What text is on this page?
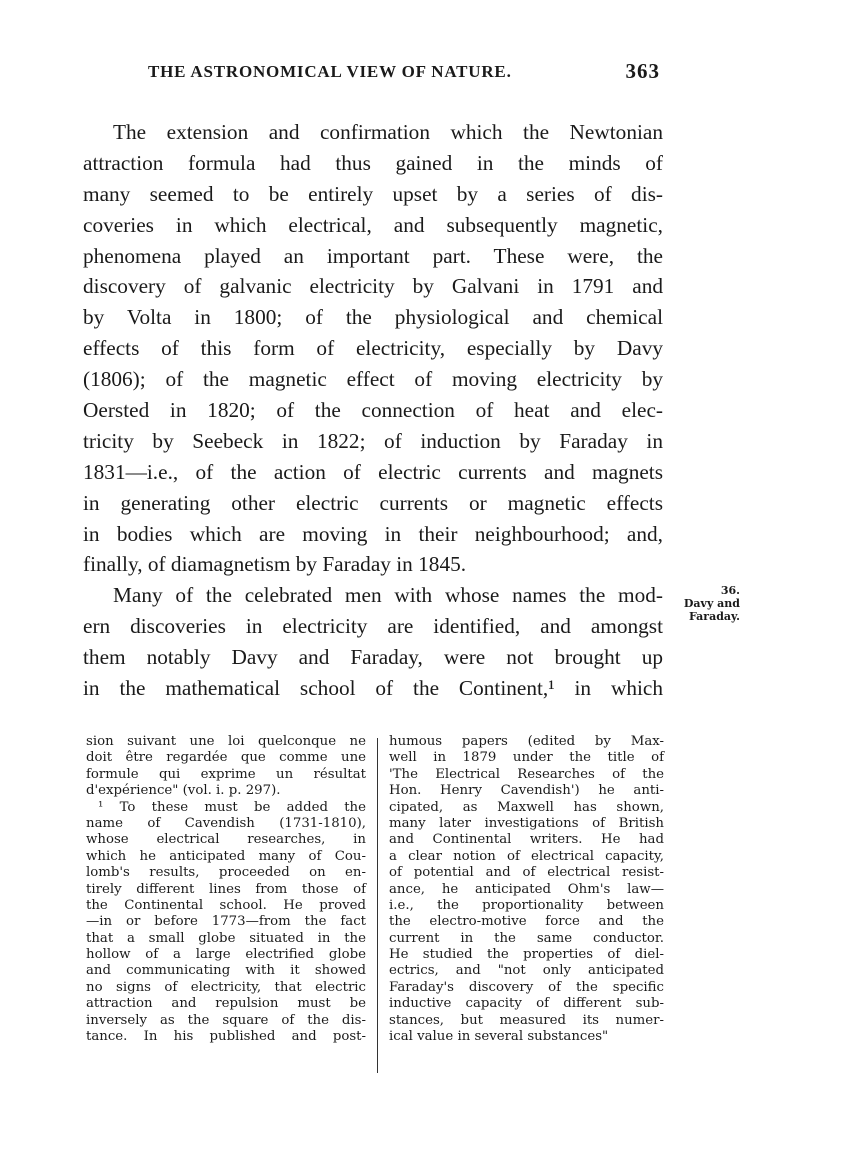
THE ASTRONOMICAL VIEW OF NATURE.	363
The extension and confirmation which the Newtonian
attraction formula had thus gained in the minds of
many seemed to be entirely upset by a series of dis-
coveries in which electrical, and subsequently magnetic,
phenomena played an important part. These were, the
discovery of galvanic electricity by Galvani in 1791 and
by Volta in 1800; of the physiological and chemical
effects of this form of electricity, especially by Davy
(1806); of the magnetic effect of moving electricity by
Oersted in 1820; of the connection of heat and elec-
tricity by Seebeck in 1822; of induction by Faraday in
1831—i.e., of the action of electric currents and magnets
in generating other electric currents or magnetic effects
in bodies which are moving in their neighbourhood; and,
finally, of diamagnetism by Faraday in 1845.
Many of the celebrated men with whose names the mod-
ern discoveries in electricity are identified, and amongst
them notably Davy and Faraday, were not brought up
in the mathematical school of the Continent,¹ in which
36.
Davy and
Faraday.
sion suivant une loi quelconque ne
doit être regardée que comme une
formule qui exprime un résultat
d'expérience" (vol. i. p. 297).
¹ To these must be added the
name of Cavendish (1731-1810),
whose electrical researches, in
which he anticipated many of Cou-
lomb's results, proceeded on en-
tirely different lines from those of
the Continental school. He proved
—in or before 1773—from the fact
that a small globe situated in the
hollow of a large electrified globe
and communicating with it showed
no signs of electricity, that electric
attraction and repulsion must be
inversely as the square of the dis-
tance. In his published and post-
humous papers (edited by Max-
well in 1879 under the title of
'The Electrical Researches of the
Hon. Henry Cavendish') he anti-
cipated, as Maxwell has shown,
many later investigations of British
and Continental writers. He had
a clear notion of electrical capacity,
of potential and of electrical resist-
ance, he anticipated Ohm's law—
i.e., the proportionality between
the electro-motive force and the
current in the same conductor.
He studied the properties of diel-
ectrics, and "not only anticipated
Faraday's discovery of the specific
inductive capacity of different sub-
stances, but measured its numer-
ical value in several substances"
